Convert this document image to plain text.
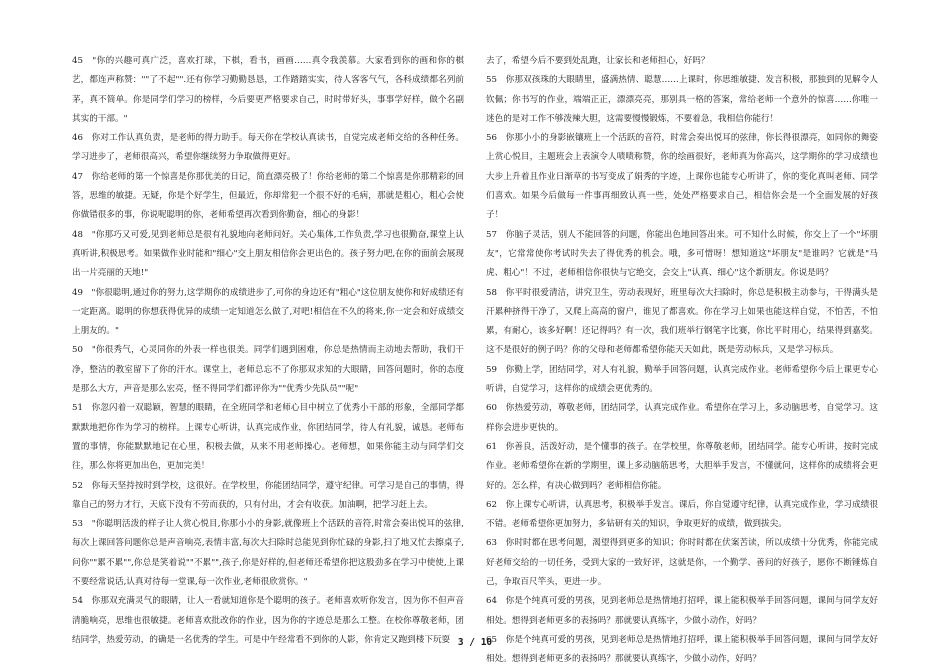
45　"你的兴趣可真广泛，喜欢打球，下棋，看书，画画……真令我羡慕。大家看到你的画和你的棋艺，都连声称赞：""了不起"".还有你学习勤勤恳恳，工作踏踏实实，待人客客气气，各科成绩都名列前茅，真不简单。你是同学们学习的榜样，今后要更严格要求自己，时时带好头，事事学好样，做个名副其实的干部。"

46　你对工作认真负责，是老师的得力助手。每天你在学校认真读书，自觉完成老师交给的各种任务。学习进步了，老师很高兴，希望你继续努力争取做得更好。

47　你给老师的第一个惊喜是你那优美的日记，简直漂亮极了！你给老师的第二个惊喜是你那精彩的回答，思维的敏捷。无疑，你是个好学生，但最近，你却常犯一个很不好的毛病，那就是粗心，粗心会使你做错很多的事，你说呢聪明的你，老师希望再次看到你勤奋，细心的身影！

48　"你那巧又可爱,见到老师总是很有礼貌地向老师问好。关心集体,工作负责,学习也很勤奋,课堂上认真听讲,积极思考。如果做作业时能和"细心"交上朋友相信你会更出色的。孩子努力吧,在你的面前会展现出一片亮丽的天地!"

49　"你很聪明,通过你的努力,这学期你的成绩进步了,可你的身边还有"粗心"这位朋友使你和好成绩还有一定距离。聪明的你想获得优异的成绩一定知道怎么做了,对吧!相信在不久的将来,你一定会和好成绩交上朋友的。"

50　"你很秀气，心灵同你的外表一样也很美。同学们遇到困难，你总是热情而主动地去帮助，我们干净，整洁的教室留下了你的汗水。课堂上，老师总忘不了你那双求知的大眼睛，回答问题时，你的态度是那么大方，声音是那么宏亮，怪不得同学们都评你为""优秀少先队员""呢"

51　你忽闪着一双聪颖，智慧的眼睛，在全班同学和老师心目中树立了优秀小干部的形象，全部同学都默默地把你作为学习的榜样。上课专心听讲，认真完成作业，你团结同学，待人有礼貌，诚恳。老师布置的事情，你能默默地记在心里，积极去做，从来不用老师操心。老师想，如果你能主动与同学们交往，那么你将更加出色，更加完美！

52　你每天坚持按时到学校，这很好。在学校里，你能团结同学，遵守纪律。可学习是自己的事情，得靠自己的努力才行，天底下没有不劳而获的，只有付出，才会有收获。加油啊，把学习赶上去。

53　"你聪明活泼的样子让人赏心悦目,你那小小的身影,就像班上个活跃的音符,时常会奏出悦耳的弦律,每次上课回答问题你总是声音响亮,表情丰富,每次大扫除时总能见到你忙碌的身影,扫了地又忙去擦桌子,问你""累不累"",你总是笑着说""不累"",孩子,你是好样的,但老师还希望你把这股劲多在学习中使使,上课不要经常说话,认真对待每一堂课,每一次作业,老师很欣赏你。"

54　你那双充满灵气的眼睛，让人一看就知道你是个聪明的孩子。老师喜欢听你发言，因为你不但声音清脆响亮，思维也很敏捷。老师喜欢批改你的作业，因为你的字迹总是那么工整。在校你尊敬老师，团结同学，热爱劳动，的确是一名优秀的学生。可是中午经常看不到你的人影，你肯定又跑到楼下玩耍

去了，希望今后不要到处乱跑，让家长和老师担心，好吗？

55　你那双孩珠的大眼睛里，盛满热情、聪慧……上课时，你思维敏捷、发言积极，那独到的见解令人钦佩；你书写的作业，端端正正，漂漂亮亮，那别具一格的答案，常给老师一个意外的惊喜……你唯一迷色的是对工作不够泼辣大胆，这需要慢慢锻炼，不要着急，我相信你能行！

56　你那小小的身影嵌镶班上一个活跃的音符，时常会奏出悦耳的弦律，你长得很漂亮，如同你的舞姿上赏心悦目，主题班会上表演令人啧啧称赞，你的绘画很好，老师真为你高兴，这学期你的学习成绩也大步上升着且作业日渐草的书写变成了娟秀的字迹，上课你也能专心听讲了，你的变化真叫老师、同学们喜欢。如果今后做每一件事再细致认真一些，处处严格要求自己，相信你会是一个全面发展的好孩子！

57　你脑子灵活，别人不能回答的问题，你能出色地回答出来。可不知什么时候，你交上了一个"坏朋友"，它常常使你考试时失去了得优秀的机会。哦，多可惜呀！想知道这"坏朋友"是谁吗？它就是"马虎、粗心"！不过，老师相信你很快与它绝交，会交上"认真、细心"这个新朋友。你说是吗？

58　你平时很爱清洁，讲究卫生，劳动表现好，班里每次大扫除时，你总是积极主动参与，干得满头是汗累种挤得干净了，又爬上高高的窗户，谁见了都喜欢。你在学习上如果也能这样自觉，不怕苦，不怕累，有耐心，该多好啊！还记得吗？有一次，我们班举行钢笔字比赛，你比平时用心，结果得到嘉奖。这不是很好的例子吗？你的父母和老师都希望你能天天如此，既是劳动标兵，又是学习标兵。

59　你勤上学，团结同学，对人有礼貌，勤举手回答问题，认真完成作业。老师希望你今后上课更专心听讲，自觉学习，这样你的成绩会更优秀的。

60　你热爱劳动，尊敬老师，团结同学，认真完成作业。希望你在学习上，多动脑思考，自觉学习。这样你会进步更快的。

61　你善良，活泼好动，是个懂事的孩子。在学校里，你尊敬老师，团结同学。能专心听讲，按时完成作业。老师希望你在新的学期里，课上多动脑筋思考，大胆举手发言，不懂就问，这样你的成绩将会更好的。怎么样，有决心做到吗？老师相信你能。

62　你上课专心听讲，认真思考，积极举手发言。课后，你自觉遵守纪律，认真完成作业，学习成绩很不错。老师希望你更加努力，多钻研有关的知识，争取更好的成绩，做到拔尖。

63　你时时都在思考问题，渴望得到更多的知识；你时时都在伏案苦读，所以成绩十分优秀，你能完成好老师交给的一切任务，受到大家的一致好评，这就是你，一个勤学、善问的好孩子，愿你不断锤炼自己，争取百尺竿头，更进一步。

64　你是个纯真可爱的男孩，见到老师总是热情地打招呼，课上能积极举手回答问题，课间与同学友好相处。想得到老师更多的表扬吗？那就要认真练字，少做小动作，好吗？

65　你是个纯真可爱的男孩，见到老师总是热情地打招呼，课上能积极举手回答问题，课间与同学友好相处。想得到老师更多的表扬吗？那就要认真练字，少做小动作，好吗？

3 / 10
